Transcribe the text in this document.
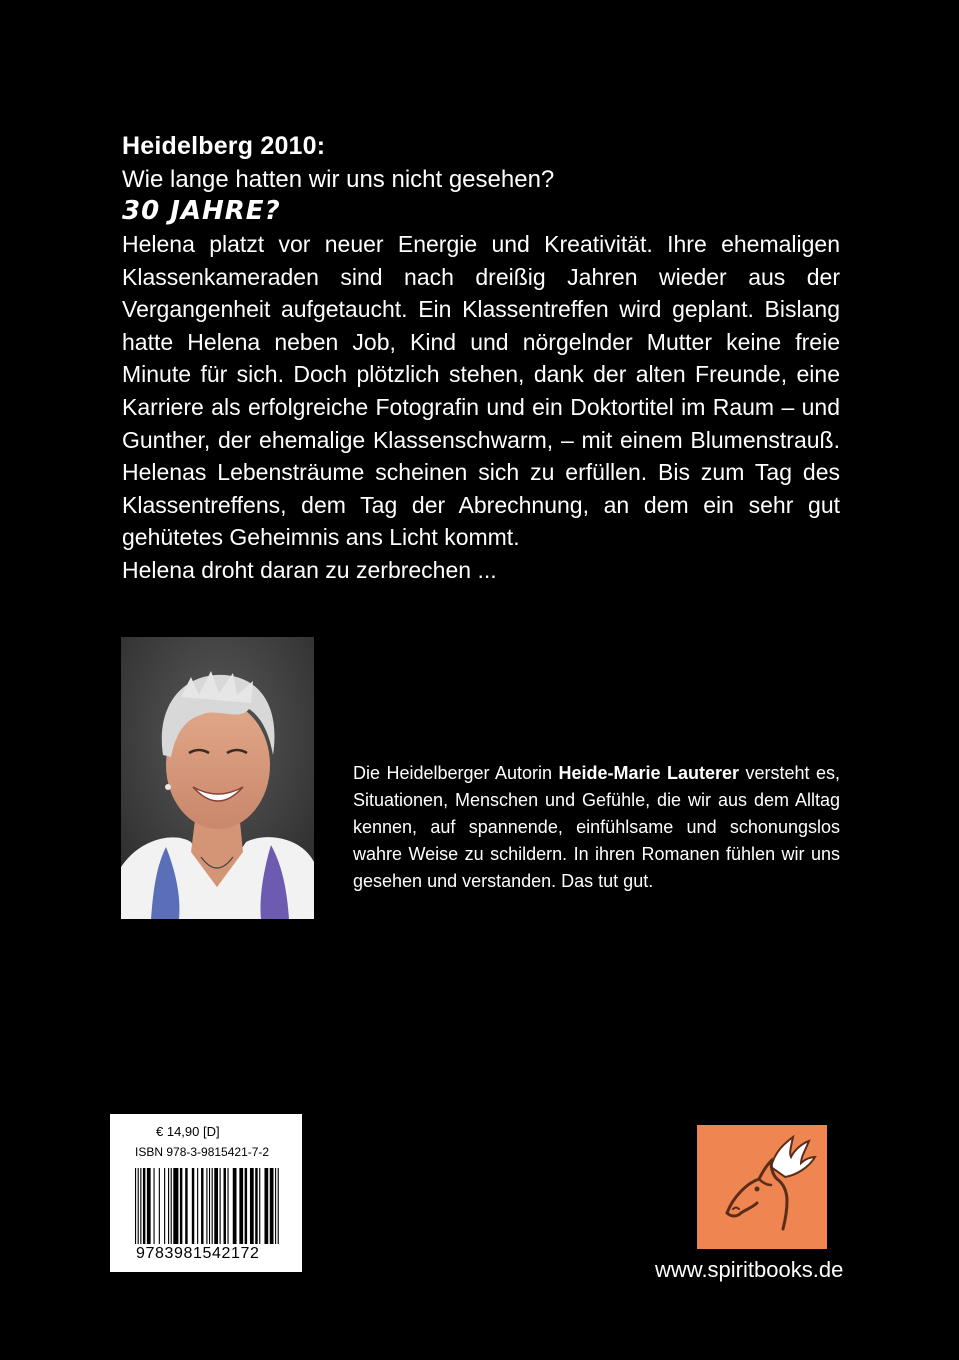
Heidelberg 2010:

Wie lange hatten wir uns nicht gesehen?

30 JAHRE?

Helena platzt vor neuer Energie und Kreativität. Ihre ehemaligen Klassenkameraden sind nach dreißig Jahren wieder aus der Vergangenheit aufgetaucht. Ein Klassentreffen wird geplant. Bislang hatte Helena neben Job, Kind und nörgelnder Mutter keine freie Minute für sich. Doch plötzlich stehen, dank der alten Freunde, eine Karriere als erfolgreiche Fotografin und ein Doktortitel im Raum – und Gunther, der ehemalige Klassenschwarm, – mit einem Blumenstrauß. Helenas Lebensträume scheinen sich zu erfüllen. Bis zum Tag des Klassentreffens, dem Tag der Abrechnung, an dem ein sehr gut gehütetes Geheimnis ans Licht kommt.

Helena droht daran zu zerbrechen ...

Die Heidelberger Autorin Heide-Marie Lauterer versteht es, Situationen, Menschen und Gefühle, die wir aus dem Alltag kennen, auf spannende, einfühlsame und schonungslos wahre Weise zu schildern. In ihren Romanen fühlen wir uns gesehen und verstanden. Das tut gut.

€ 14,90 [D]

ISBN 978-3-9815421-7-2

9783981542172

www.spiritbooks.de
